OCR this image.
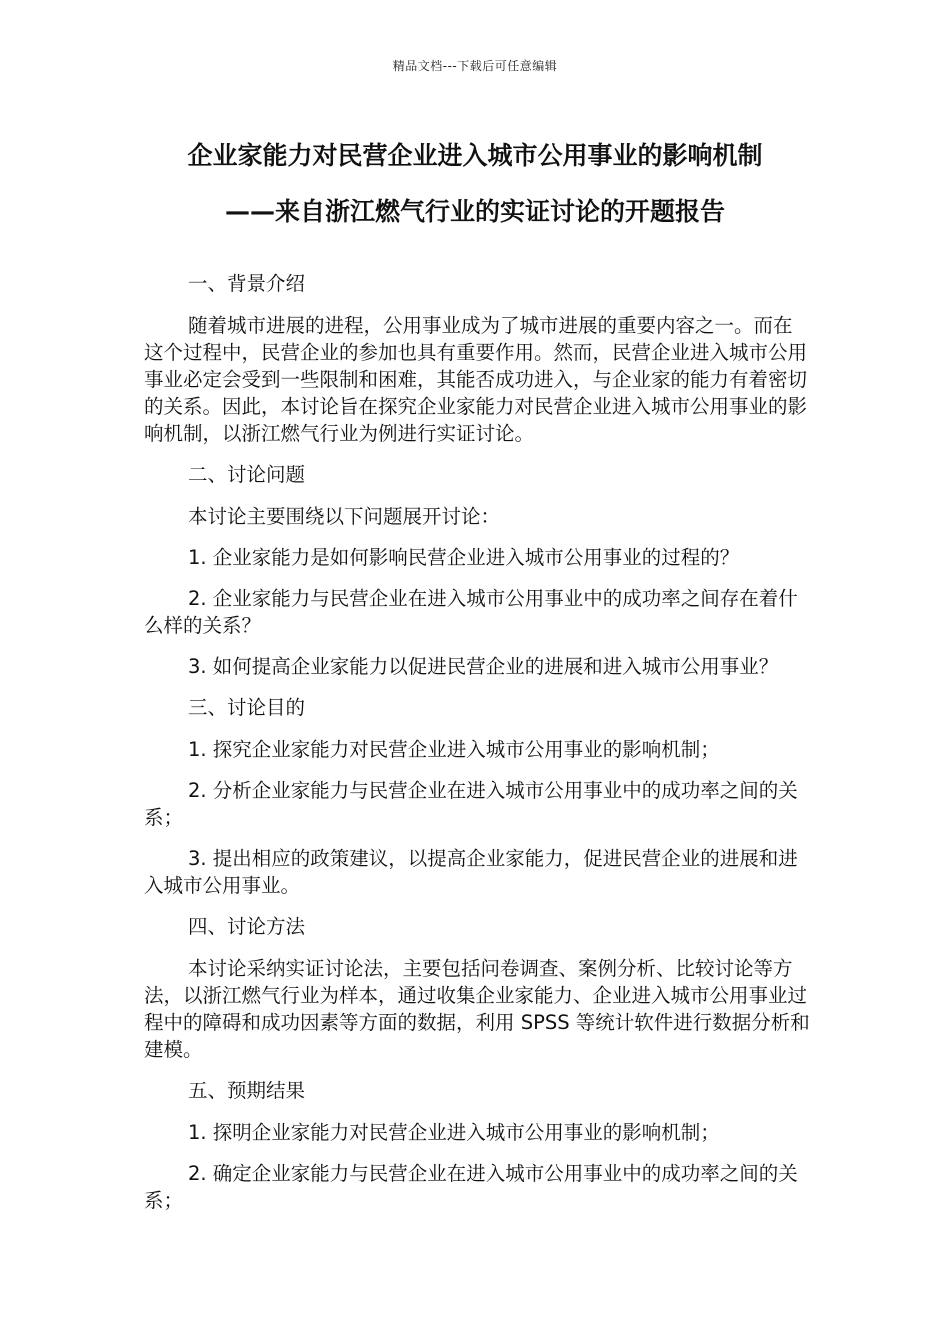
精品文档---下载后可任意编辑
企业家能力对民营企业进入城市公用事业的影响机制
——来自浙江燃气行业的实证讨论的开题报告

一、背景介绍

随着城市进展的进程，公用事业成为了城市进展的重要内容之一。而在这个过程中，民营企业的参加也具有重要作用。然而，民营企业进入城市公用事业必定会受到一些限制和困难，其能否成功进入，与企业家的能力有着密切的关系。因此，本讨论旨在探究企业家能力对民营企业进入城市公用事业的影响机制，以浙江燃气行业为例进行实证讨论。

二、讨论问题

本讨论主要围绕以下问题展开讨论：

1. 企业家能力是如何影响民营企业进入城市公用事业的过程的？

2. 企业家能力与民营企业在进入城市公用事业中的成功率之间存在着什么样的关系？

3. 如何提高企业家能力以促进民营企业的进展和进入城市公用事业？

三、讨论目的

1. 探究企业家能力对民营企业进入城市公用事业的影响机制；

2. 分析企业家能力与民营企业在进入城市公用事业中的成功率之间的关系；

3. 提出相应的政策建议，以提高企业家能力，促进民营企业的进展和进入城市公用事业。

四、讨论方法

本讨论采纳实证讨论法，主要包括问卷调查、案例分析、比较讨论等方法，以浙江燃气行业为样本，通过收集企业家能力、企业进入城市公用事业过程中的障碍和成功因素等方面的数据，利用 SPSS 等统计软件进行数据分析和建模。

五、预期结果

1. 探明企业家能力对民营企业进入城市公用事业的影响机制；

2. 确定企业家能力与民营企业在进入城市公用事业中的成功率之间的关系；
